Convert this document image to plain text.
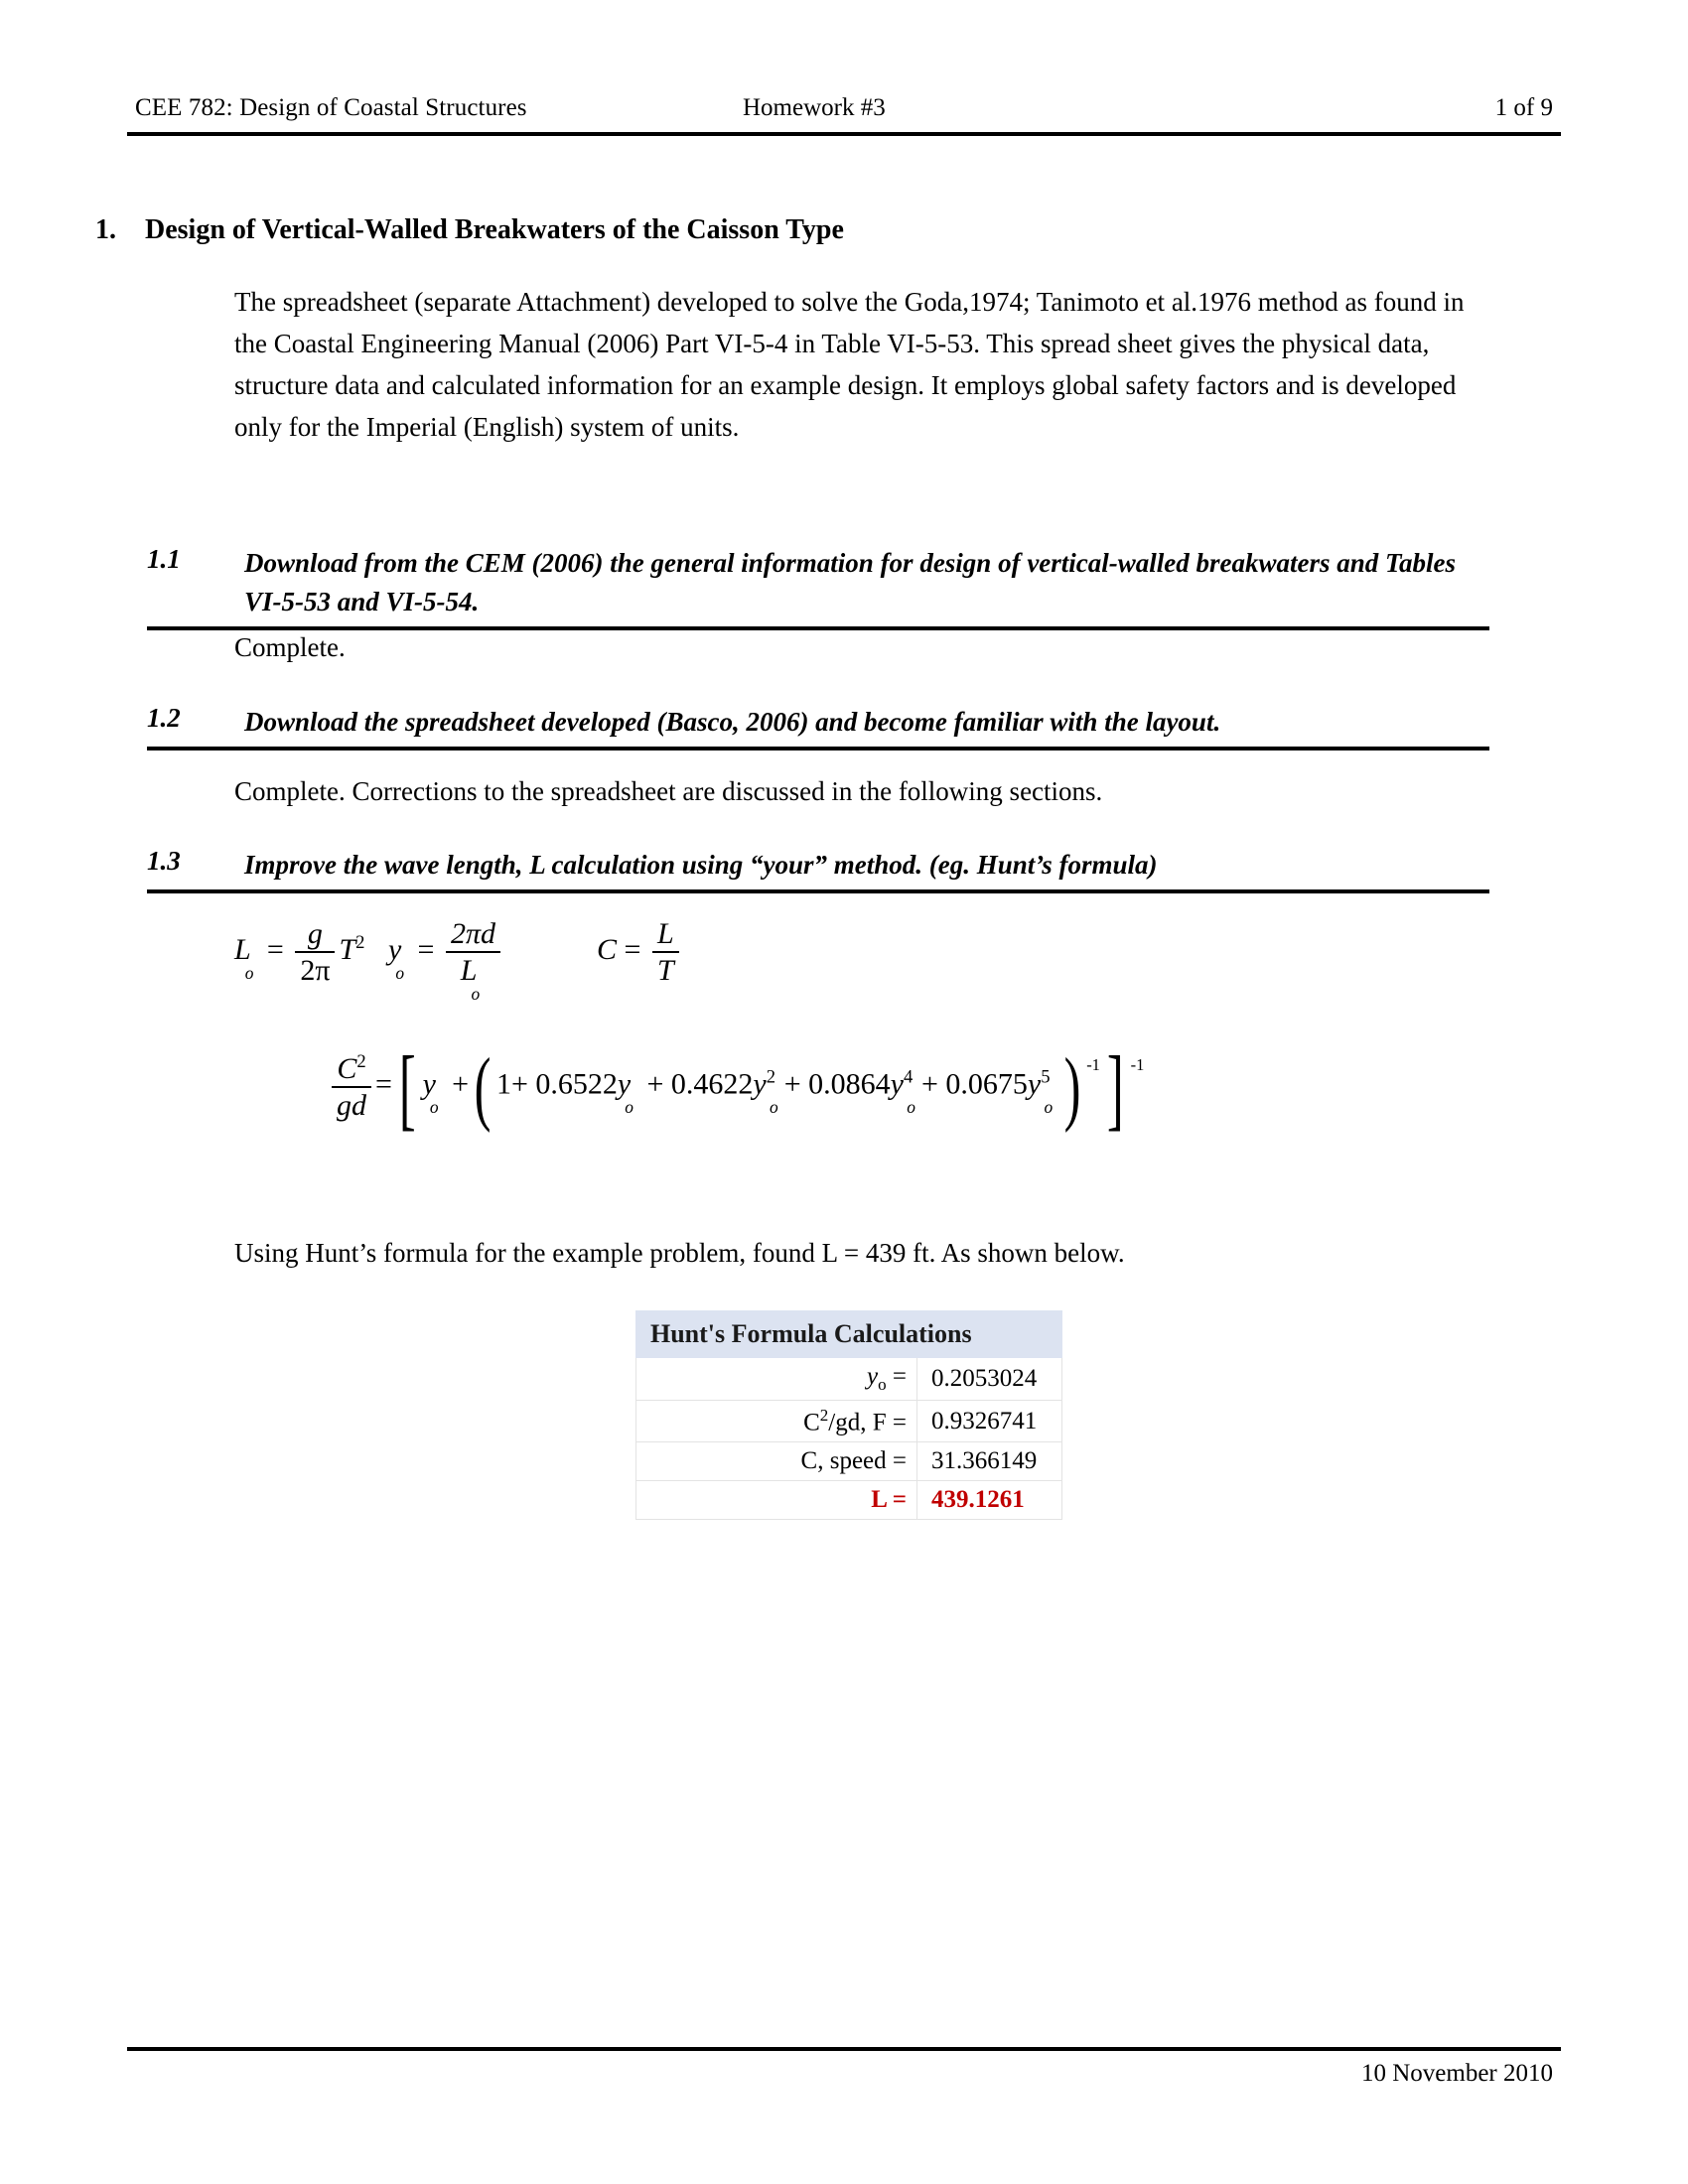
CEE 782: Design of Coastal Structures	Homework #3	1 of 9
1. Design of Vertical-Walled Breakwaters of the Caisson Type
The spreadsheet (separate Attachment) developed to solve the Goda,1974; Tanimoto et al.1976 method as found in the Coastal Engineering Manual (2006) Part VI-5-4 in Table VI-5-53. This spread sheet gives the physical data, structure data and calculated information for an example design. It employs global safety factors and is developed only for the Imperial (English) system of units.
1.1	Download from the CEM (2006) the general information for design of vertical-walled breakwaters and Tables VI-5-53 and VI-5-54.
Complete.
1.2	Download the spreadsheet developed (Basco, 2006) and become familiar with the layout.
Complete. Corrections to the spreadsheet are discussed in the following sections.
1.3	Improve the wave length, L calculation using “your” method. (eg. Hunt’s formula)
$L_o = \frac{g}{2\pi} T^2$ $y_o = \frac{2\pi d}{L_o}$	$C = \frac{L}{T}$
$\frac{C^2}{gd}$ =[ $y_o$ +( $1+ 0.6522y_o + 0.4622y^2_o+ 0.0864y^4_o+ 0.0675y^5_o$ ) $^{-1}$] $^{-1}$
Using Hunt’s formula for the example problem, found L = 439 ft. As shown below.
Hunt's Formula Calculations	
$y_o$ =	0.2053024
$C^2/gd$, F =	0.9326741
C, speed =	31.366149
L =	439.1261
10 November 2010
